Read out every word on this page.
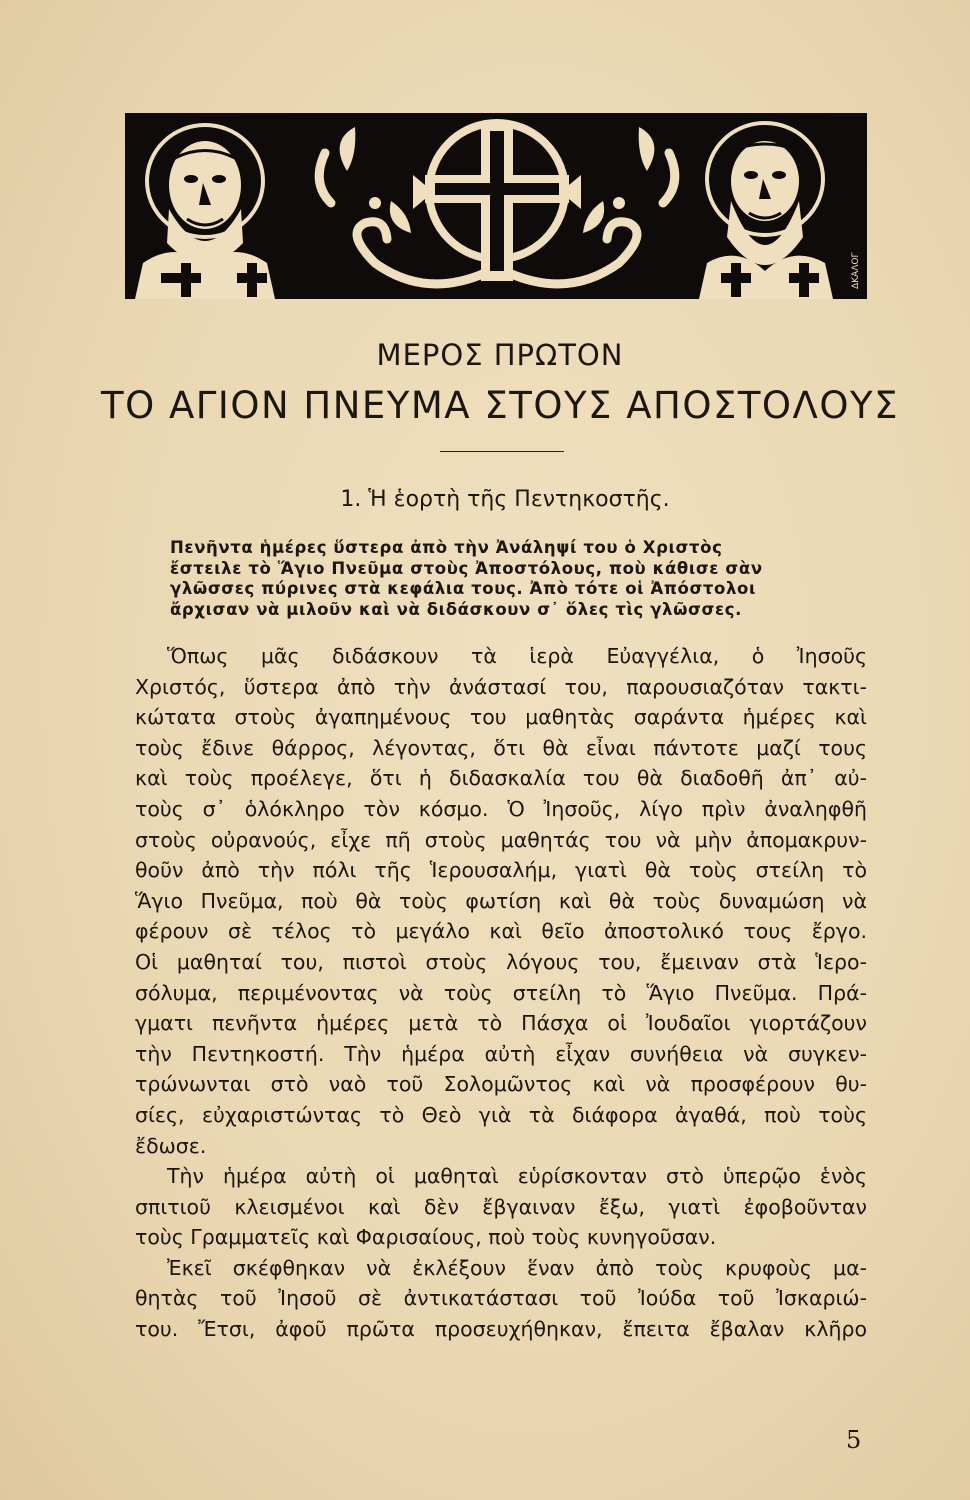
ΔΚΑΛΟΓ
ΜΕΡΟΣ ΠΡΩΤΟΝ
ΤΟ ΑΓΙΟΝ ΠΝΕΥΜΑ ΣΤΟΥΣ ΑΠΟΣΤΟΛΟΥΣ
1. Ἡ ἑορτὴ τῆς Πεντηκοστῆς.
Πενῆντα ἡμέρες ὕστερα ἀπὸ τὴν Ἀνάληψί του ὁ Χριστὸς
ἔστειλε τὸ Ἅγιο Πνεῦμα στοὺς Ἀποστόλους, ποὺ κάθισε σὰν
γλῶσσες πύρινες στὰ κεφάλια τους. Ἀπὸ τότε οἱ Ἀπόστολοι
ἄρχισαν νὰ μιλοῦν καὶ νὰ διδάσκουν σ᾽ ὅλες τὶς γλῶσσες.
Ὅπως μᾶς διδάσκουν τὰ ἱερὰ Εὐαγγέλια, ὁ Ἰησοῦς
Χριστός, ὕστερα ἀπὸ τὴν ἀνάστασί του, παρουσιαζόταν τακτι-
κώτατα στοὺς ἀγαπημένους του μαθητὰς σαράντα ἡμέρες καὶ
τοὺς ἔδινε θάρρος, λέγοντας, ὅτι θὰ εἶναι πάντοτε μαζί τους
καὶ τοὺς προέλεγε, ὅτι ἡ διδασκαλία του θὰ διαδοθῆ ἀπ᾽ αὐ-
τοὺς σ᾽ ὁλόκληρο τὸν κόσμο. Ὁ Ἰησοῦς, λίγο πρὶν ἀναληφθῆ
στοὺς οὐρανούς, εἶχε πῆ στοὺς μαθητάς του νὰ μὴν ἀπομακρυν-
θοῦν ἀπὸ τὴν πόλι τῆς Ἱερουσαλήμ, γιατὶ θὰ τοὺς στείλη τὸ
Ἅγιο Πνεῦμα, ποὺ θὰ τοὺς φωτίση καὶ θὰ τοὺς δυναμώση νὰ
φέρουν σὲ τέλος τὸ μεγάλο καὶ θεῖο ἀποστολικό τους ἔργο.
Οἱ μαθηταί του, πιστοὶ στοὺς λόγους του, ἔμειναν στὰ Ἱερο-
σόλυμα, περιμένοντας νὰ τοὺς στείλη τὸ Ἅγιο Πνεῦμα. Πρά-
γματι πενῆντα ἡμέρες μετὰ τὸ Πάσχα οἱ Ἰουδαῖοι γιορτάζουν
τὴν Πεντηκοστή. Τὴν ἡμέρα αὐτὴ εἶχαν συνήθεια νὰ συγκεν-
τρώνωνται στὸ ναὸ τοῦ Σολομῶντος καὶ νὰ προσφέρουν θυ-
σίες, εὐχαριστώντας τὸ Θεὸ γιὰ τὰ διάφορα ἀγαθά, ποὺ τοὺς
ἔδωσε.
Τὴν ἡμέρα αὐτὴ οἱ μαθηταὶ εὑρίσκονταν στὸ ὑπερῷο ἑνὸς
σπιτιοῦ κλεισμένοι καὶ δὲν ἔβγαιναν ἔξω, γιατὶ ἐφοβοῦνταν
τοὺς Γραμματεῖς καὶ Φαρισαίους, ποὺ τοὺς κυνηγοῦσαν.
Ἐκεῖ σκέφθηκαν νὰ ἐκλέξουν ἕναν ἀπὸ τοὺς κρυφοὺς μα-
θητὰς τοῦ Ἰησοῦ σὲ ἀντικατάστασι τοῦ Ἰούδα τοῦ Ἰσκαριώ-
του. Ἔτσι, ἀφοῦ πρῶτα προσευχήθηκαν, ἔπειτα ἔβαλαν κλῆρο
5
